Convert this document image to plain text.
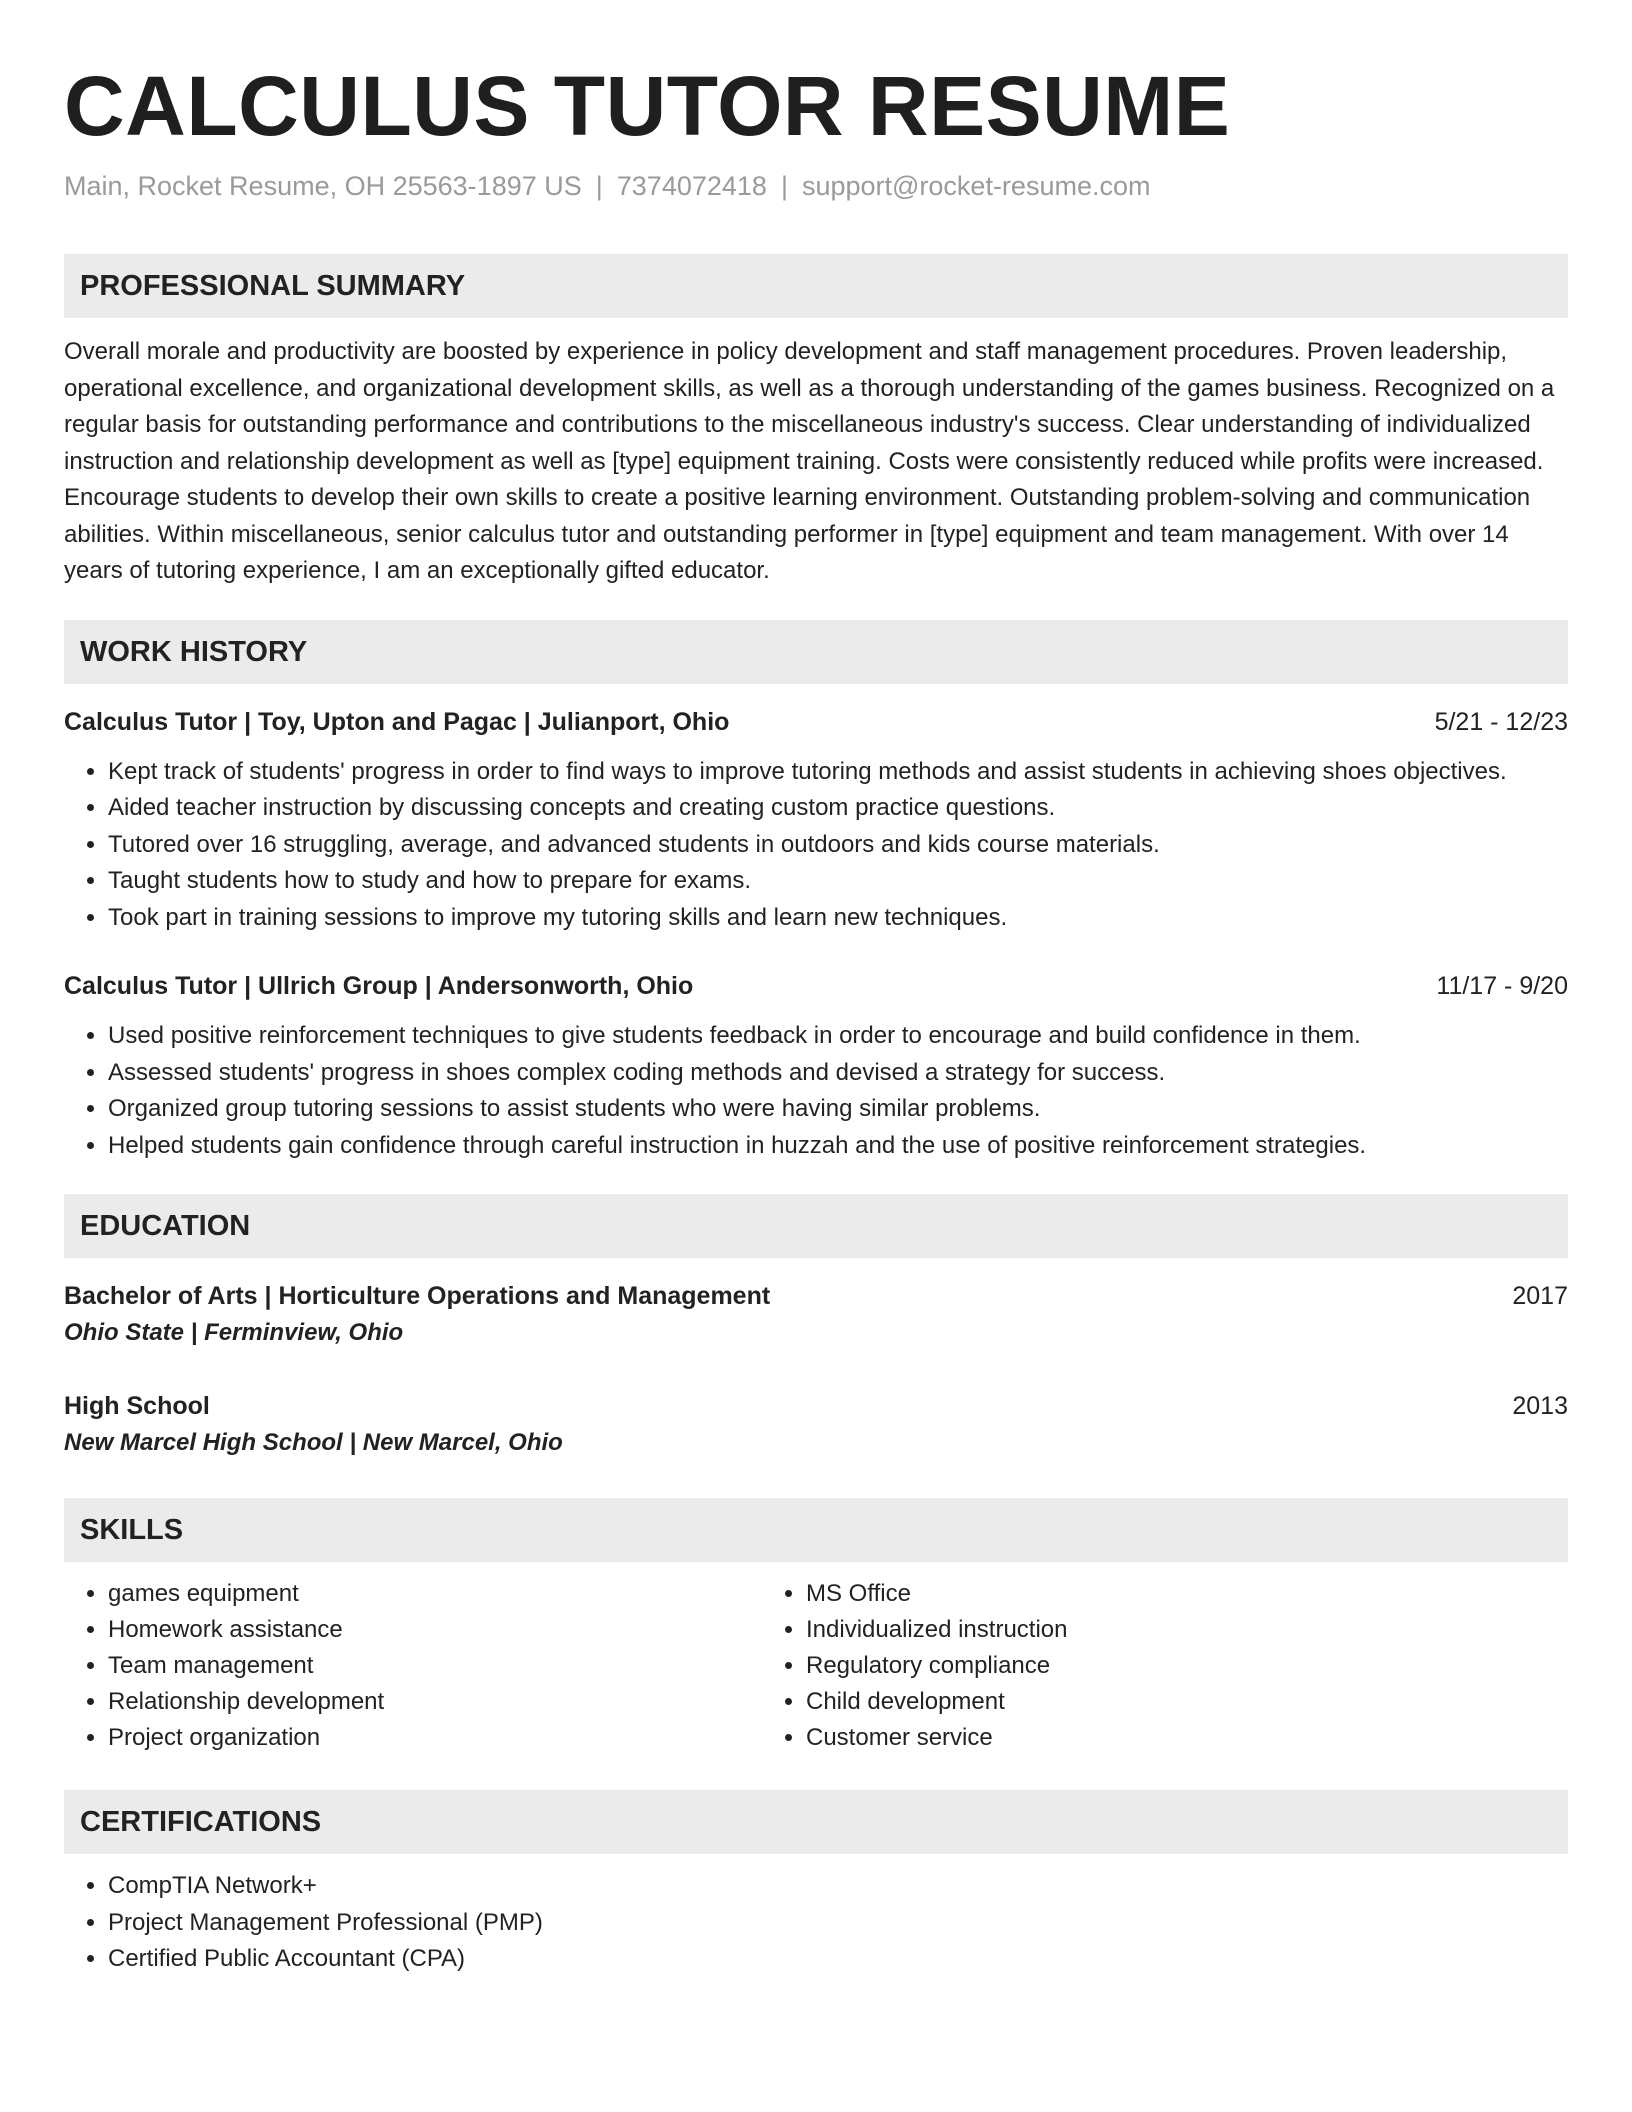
CALCULUS TUTOR RESUME
Main, Rocket Resume, OH 25563-1897 US | 7374072418 | support@rocket-resume.com
PROFESSIONAL SUMMARY
Overall morale and productivity are boosted by experience in policy development and staff management procedures. Proven leadership, operational excellence, and organizational development skills, as well as a thorough understanding of the games business. Recognized on a regular basis for outstanding performance and contributions to the miscellaneous industry's success. Clear understanding of individualized instruction and relationship development as well as [type] equipment training. Costs were consistently reduced while profits were increased. Encourage students to develop their own skills to create a positive learning environment. Outstanding problem-solving and communication abilities. Within miscellaneous, senior calculus tutor and outstanding performer in [type] equipment and team management. With over 14 years of tutoring experience, I am an exceptionally gifted educator.
WORK HISTORY
Calculus Tutor | Toy, Upton and Pagac | Julianport, Ohio	5/21 - 12/23
• Kept track of students' progress in order to find ways to improve tutoring methods and assist students in achieving shoes objectives.
• Aided teacher instruction by discussing concepts and creating custom practice questions.
• Tutored over 16 struggling, average, and advanced students in outdoors and kids course materials.
• Taught students how to study and how to prepare for exams.
• Took part in training sessions to improve my tutoring skills and learn new techniques.
Calculus Tutor | Ullrich Group | Andersonworth, Ohio	11/17 - 9/20
• Used positive reinforcement techniques to give students feedback in order to encourage and build confidence in them.
• Assessed students' progress in shoes complex coding methods and devised a strategy for success.
• Organized group tutoring sessions to assist students who were having similar problems.
• Helped students gain confidence through careful instruction in huzzah and the use of positive reinforcement strategies.
EDUCATION
Bachelor of Arts | Horticulture Operations and Management	2017
Ohio State | Ferminview, Ohio
High School	2013
New Marcel High School | New Marcel, Ohio
SKILLS
• games equipment
• Homework assistance
• Team management
• Relationship development
• Project organization
• MS Office
• Individualized instruction
• Regulatory compliance
• Child development
• Customer service
CERTIFICATIONS
• CompTIA Network+
• Project Management Professional (PMP)
• Certified Public Accountant (CPA)
